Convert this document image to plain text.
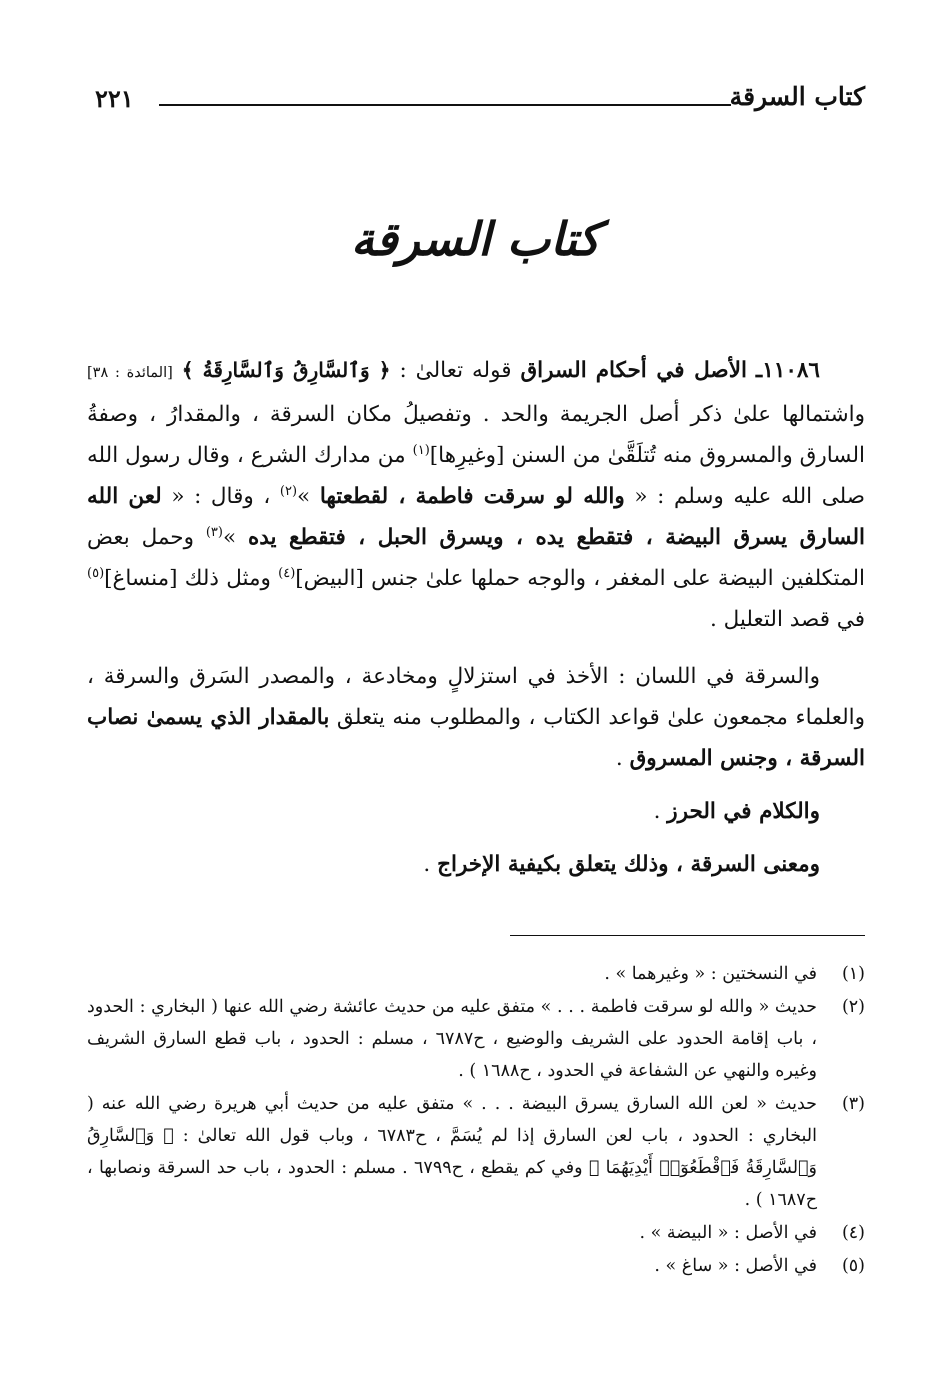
كتاب السرقة
٢٢١
كتاب السرقة

١١٠٨٦ـ الأصل في أحكام السراق قوله تعالىٰ : ﴿ وَٱلسَّارِقُ وَٱلسَّارِقَةُ ﴾ [المائدة : ٣٨] واشتمالها علىٰ ذكر أصل الجريمة والحد . وتفصيلُ مكان السرقة ، والمقدارُ ، وصفةُ السارق والمسروق منه تُتلَقَّىٰ من السنن [وغيرِها]$^{(١)}$ من مدارك الشرع ، وقال رسول الله صلى الله عليه وسلم : « والله لو سرقت فاطمة ، لقطعتها »$^{(٢)}$ ، وقال : « لعن الله السارق يسرق البيضة ، فتقطع يده ، ويسرق الحبل ، فتقطع يده »$^{(٣)}$ وحمل بعض المتكلفين البيضة على المغفر ، والوجه حملها علىٰ جنس [البيض]$^{(٤)}$ ومثل ذلك [منساغ]$^{(٥)}$ في قصد التعليل .

والسرقة في اللسان : الأخذ في استزلالٍ ومخادعة ، والمصدر السَرق والسرقة ، والعلماء مجمعون علىٰ قواعد الكتاب ، والمطلوب منه يتعلق بالمقدار الذي يسمىٰ نصاب السرقة ، وجنس المسروق .

والكلام في الحرز .

ومعنى السرقة ، وذلك يتعلق بكيفية الإخراج .

(١)
في النسختين : « وغيرهما » .
(٢)
حديث « والله لو سرقت فاطمة . . . » متفق عليه من حديث عائشة رضي الله عنها ( البخاري : الحدود ، باب إقامة الحدود على الشريف والوضيع ، ح٦٧٨٧ ، مسلم : الحدود ، باب قطع السارق الشريف وغيره والنهي عن الشفاعة في الحدود ، ح١٦٨٨ ) .
(٣)
حديث « لعن الله السارق يسرق البيضة . . . » متفق عليه من حديث أبي هريرة رضي الله عنه ( البخاري : الحدود ، باب لعن السارق إذا لم يُسَمَّ ، ح٦٧٨٣ ، وباب قول الله تعالىٰ : ﴿ وَٱلسَّارِقُ وَٱلسَّارِقَةُ فَٱقْطَعُوٓا۟ أَيْدِيَهُمَا ﴾ وفي كم يقطع ، ح٦٧٩٩ . مسلم : الحدود ، باب حد السرقة ونصابها ، ح١٦٨٧ ) .
(٤)
في الأصل : « البيضة » .
(٥)
في الأصل : « ساغ » .
